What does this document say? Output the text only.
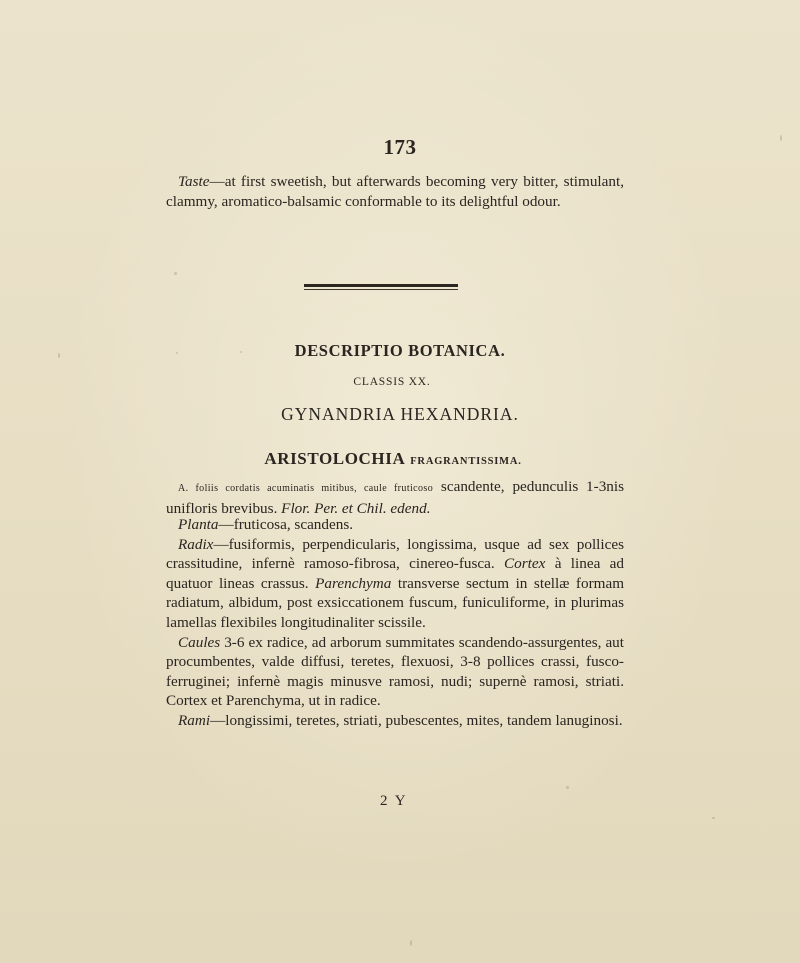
173

Taste—at first sweetish, but afterwards becoming very bitter, stimulant, clammy, aromatico-balsamic conformable to its delightful odour.

DESCRIPTIO BOTANICA.
CLASSIS XX.
GYNANDRIA HEXANDRIA.
ARISTOLOCHIA FRAGRANTISSIMA.

A. foliis cordatis acuminatis mitibus, caule fruticoso scandente, pedunculis 1-3nis unifloris brevibus. Flor. Per. et Chil. edend.

Planta—fruticosa, scandens.

Radix—fusiformis, perpendicularis, longissima, usque ad sex pollices crassitudine, infernè ramoso-fibrosa, cinereo-fusca. Cortex à linea ad quatuor lineas crassus. Parenchyma transverse sectum in stellæ formam radiatum, albidum, post exsiccationem fuscum, funiculiforme, in plurimas lamellas flexibiles longitudinaliter scissile.

Caules 3-6 ex radice, ad arborum summitates scandendo-assurgentes, aut procumbentes, valde diffusi, teretes, flexuosi, 3-8 pollices crassi, fusco-ferruginei; infernè magis minusve ramosi, nudi; supernè ramosi, striati. Cortex et Parenchyma, ut in radice.

Rami—longissimi, teretes, striati, pubescentes, mites, tandem lanuginosi.

2 Y
